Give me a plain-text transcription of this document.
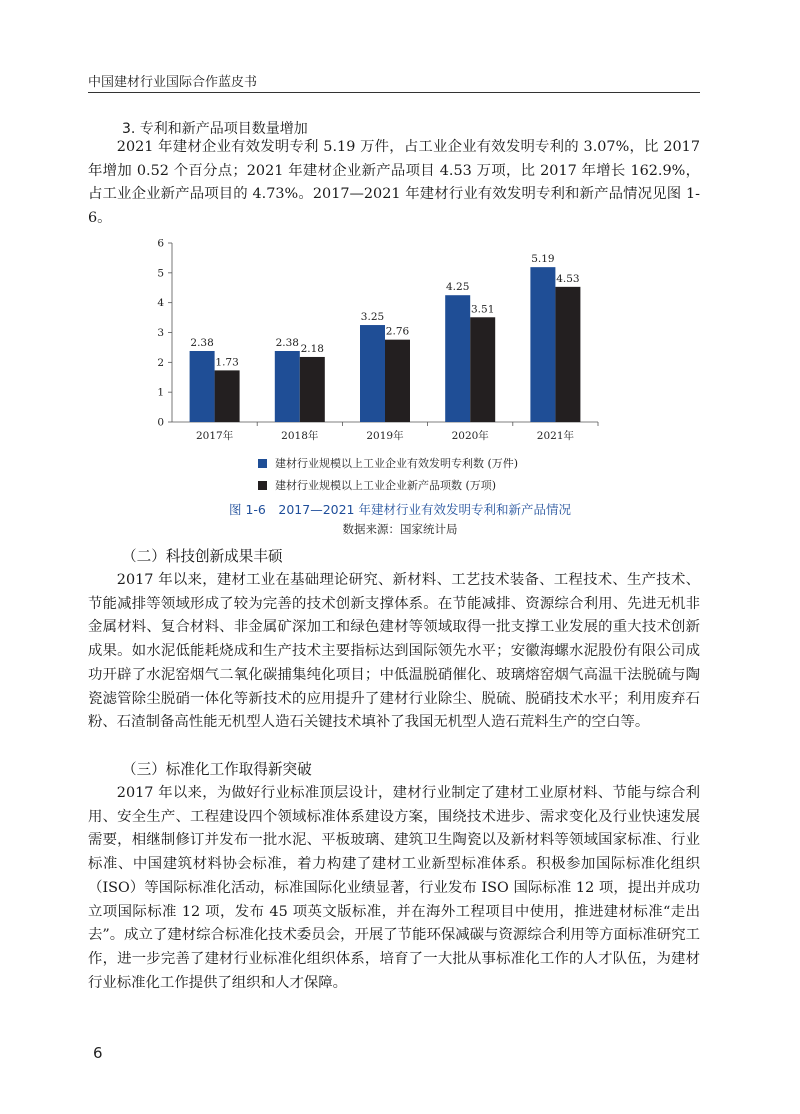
中国建材行业国际合作蓝皮书
3. 专利和新产品项目数量增加

2021 年建材企业有效发明专利 5.19 万件，占工业企业有效发明专利的 3.07%，比 2017 年增加 0.52 个百分点；2021 年建材企业新产品项目 4.53 万项，比 2017 年增长 162.9%，占工业企业新产品项目的 4.73%。2017—2021 年建材行业有效发明专利和新产品情况见图 1-6。

0
1
2
3
4
5
6
2017年
2.38
1.73
2018年
2.38 2.18
2019年
3.25
2.76
2020年
4.25
3.51
2021年
5.19
4.53
建材行业规模以上工业企业有效发明专利数 (万件)
建材行业规模以上工业企业新产品项数 (万项)
图 1-6　2017—2021 年建材行业有效发明专利和新产品情况
数据来源：国家统计局
（二）科技创新成果丰硕

2017 年以来，建材工业在基础理论研究、新材料、工艺技术装备、工程技术、生产技术、节能减排等领域形成了较为完善的技术创新支撑体系。在节能减排、资源综合利用、先进无机非金属材料、复合材料、非金属矿深加工和绿色建材等领域取得一批支撑工业发展的重大技术创新成果。如水泥低能耗烧成和生产技术主要指标达到国际领先水平；安徽海螺水泥股份有限公司成功开辟了水泥窑烟气二氧化碳捕集纯化项目；中低温脱硝催化、玻璃熔窑烟气高温干法脱硫与陶瓷滤管除尘脱硝一体化等新技术的应用提升了建材行业除尘、脱硫、脱硝技术水平；利用废弃石粉、石渣制备高性能无机型人造石关键技术填补了我国无机型人造石荒料生产的空白等。

（三）标准化工作取得新突破

2017 年以来，为做好行业标准顶层设计，建材行业制定了建材工业原材料、节能与综合利用、安全生产、工程建设四个领域标准体系建设方案，围绕技术进步、需求变化及行业快速发展需要，相继制修订并发布一批水泥、平板玻璃、建筑卫生陶瓷以及新材料等领域国家标准、行业标准、中国建筑材料协会标准，着力构建了建材工业新型标准体系。积极参加国际标准化组织（ISO）等国际标准化活动，标准国际化业绩显著，行业发布 ISO 国际标准 12 项，提出并成功立项国际标准 12 项，发布 45 项英文版标准，并在海外工程项目中使用，推进建材标准“走出去”。成立了建材综合标准化技术委员会，开展了节能环保减碳与资源综合利用等方面标准研究工作，进一步完善了建材行业标准化组织体系，培育了一大批从事标准化工作的人才队伍，为建材行业标准化工作提供了组织和人才保障。

6
